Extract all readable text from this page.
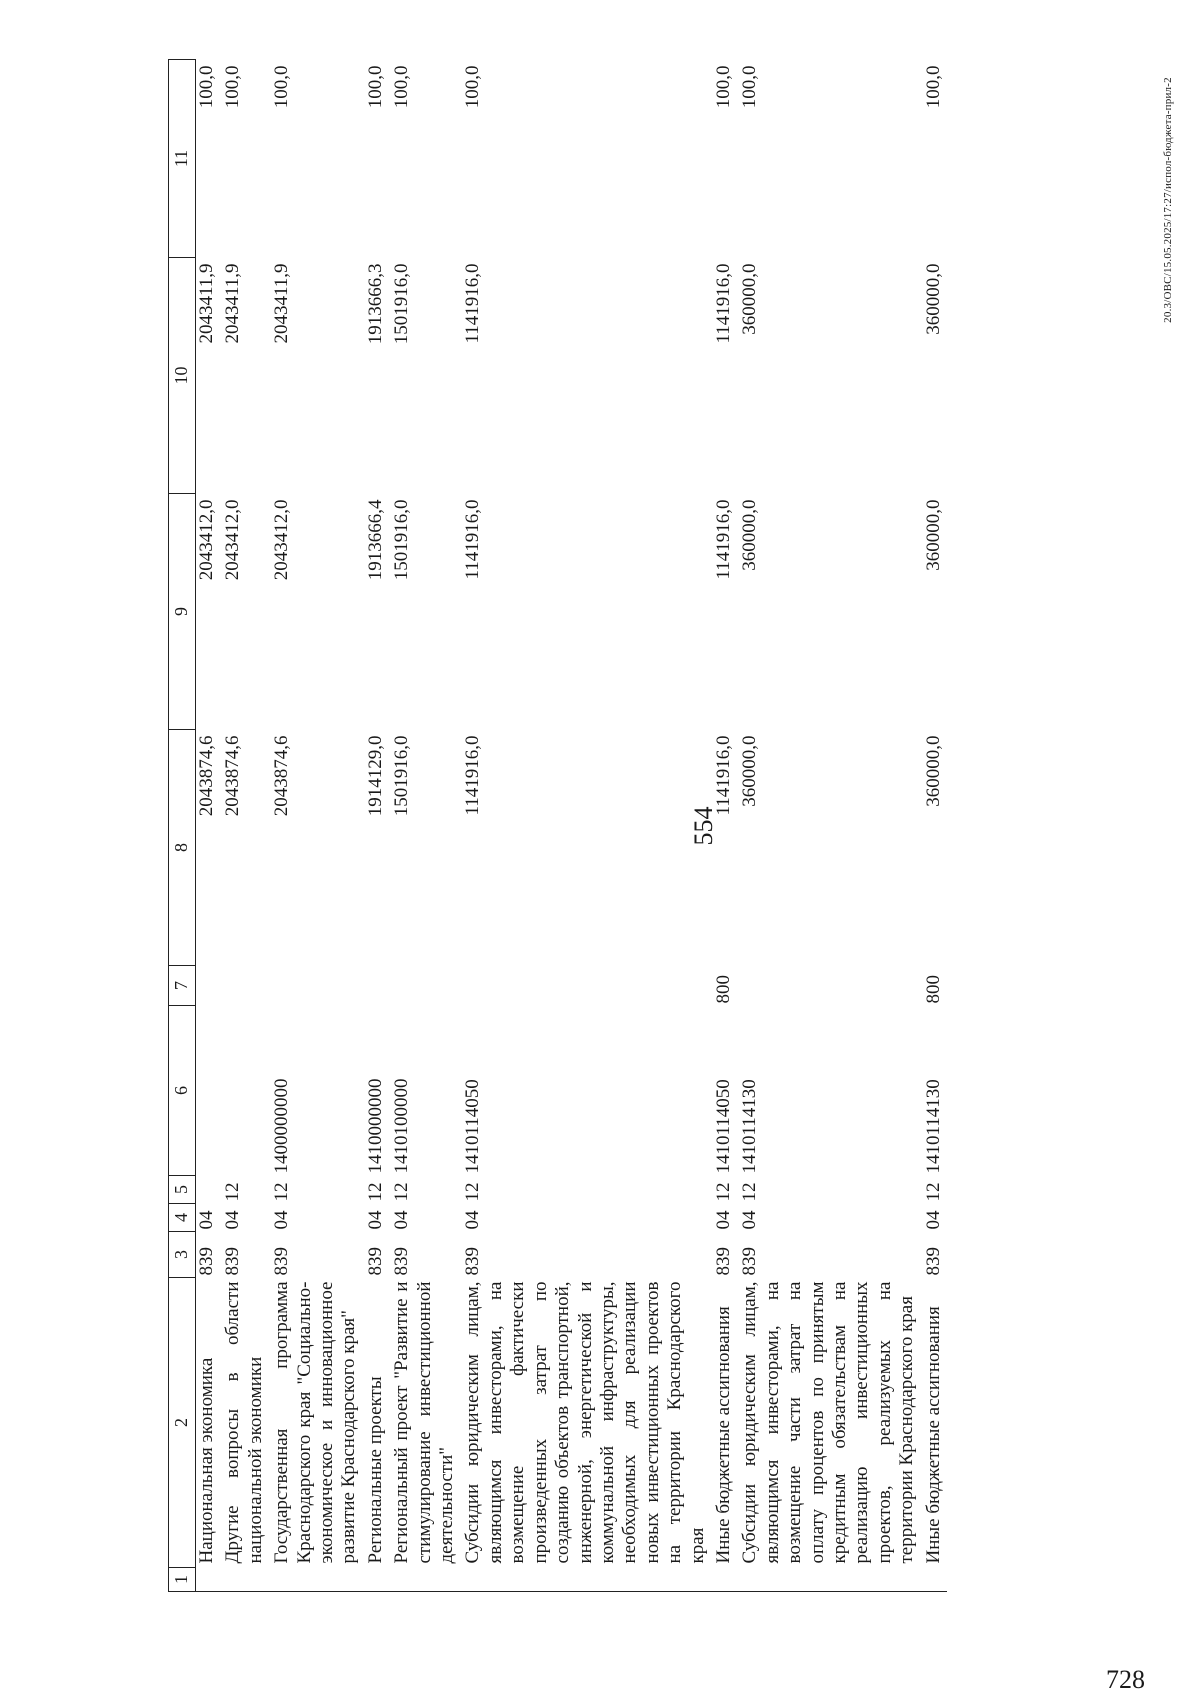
554
1	2	3	4	5	6	7	8	9	10	11
	Национальная экономика	839	04				2043874,6	2043412,0	2043411,9	100,0
	Другие вопросы в области национальной экономики	839	04	12			2043874,6	2043412,0	2043411,9	100,0
	Государственная программа Краснодарского края "Социально-экономическое и инновационное развитие Краснодарского края"	839	04	12	1400000000		2043874,6	2043412,0	2043411,9	100,0
	Региональные проекты	839	04	12	1410000000		1914129,0	1913666,4	1913666,3	100,0
	Региональный проект "Развитие и стимулирование инвестиционной деятельности"	839	04	12	1410100000		1501916,0	1501916,0	1501916,0	100,0
	Субсидии юридическим лицам, являющимся инвесторами, на возмещение фактически произведенных затрат по созданию объектов транспортной, инженерной, энергетической и коммунальной инфраструктуры, необходимых для реализации новых инвестиционных проектов на территории Краснодарского края	839	04	12	1410114050		1141916,0	1141916,0	1141916,0	100,0
	Иные бюджетные ассигнования	839	04	12	1410114050	800	1141916,0	1141916,0	1141916,0	100,0
	Субсидии юридическим лицам, являющимся инвесторами, на возмещение части затрат на оплату процентов по принятым кредитным обязательствам на реализацию инвестиционных проектов, реализуемых на территории Краснодарского края	839	04	12	1410114130		360000,0	360000,0	360000,0	100,0
	Иные бюджетные ассигнования	839	04	12	1410114130	800	360000,0	360000,0	360000,0	100,0	20.3/ОВС/15.05.2025/17:27/испол-бюджета-прил-2
728
